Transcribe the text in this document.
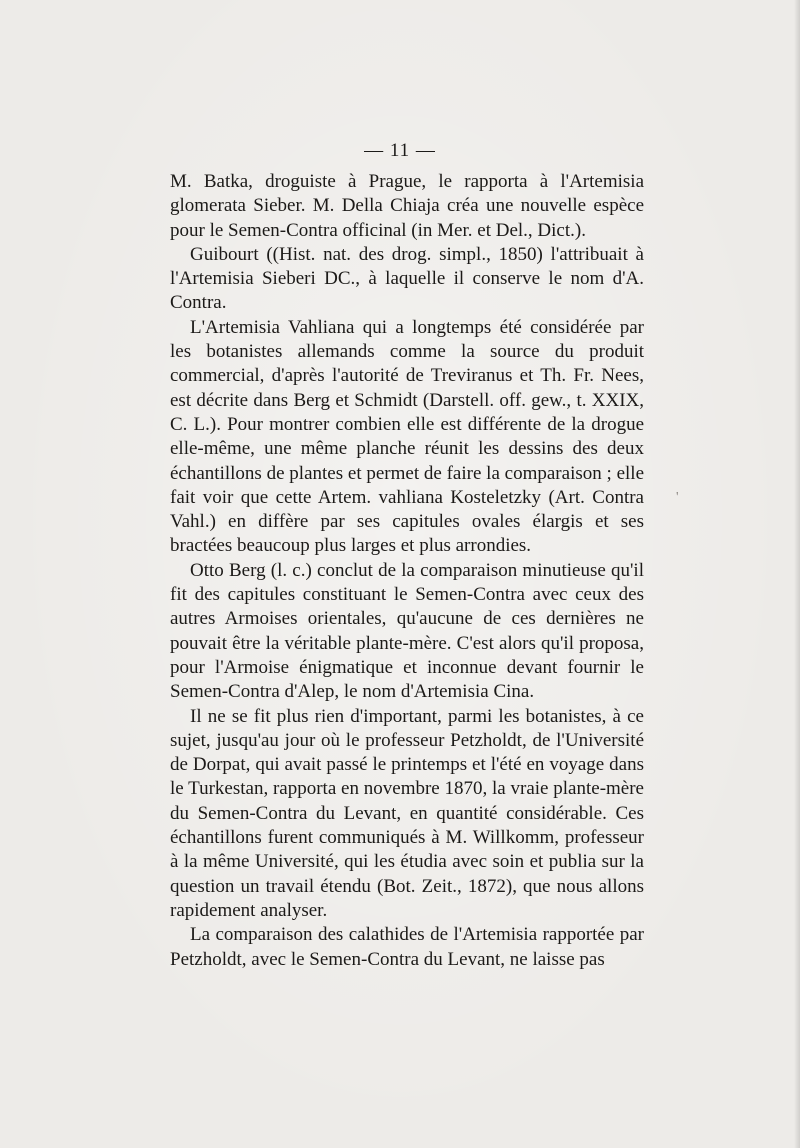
— 11 —

M. Batka, droguiste à Prague, le rapporta à l'Artemisia glomerata Sieber. M. Della Chiaja créa une nouvelle espèce pour le Semen-Contra officinal (in Mer. et Del., Dict.).

Guibourt ((Hist. nat. des drog. simpl., 1850) l'attribuait à l'Artemisia Sieberi DC., à laquelle il conserve le nom d'A. Contra.

L'Artemisia Vahliana qui a longtemps été considérée par les botanistes allemands comme la source du produit commercial, d'après l'autorité de Treviranus et Th. Fr. Nees, est décrite dans Berg et Schmidt (Darstell. off. gew., t. XXIX, C. L.). Pour montrer combien elle est différente de la drogue elle-même, une même planche réunit les dessins des deux échantillons de plantes et permet de faire la comparaison ; elle fait voir que cette Artem. vahliana Kosteletzky (Art. Contra Vahl.) en diffère par ses capitules ovales élargis et ses bractées beaucoup plus larges et plus arrondies.

Otto Berg (l. c.) conclut de la comparaison minutieuse qu'il fit des capitules constituant le Semen-Contra avec ceux des autres Armoises orientales, qu'aucune de ces dernières ne pouvait être la véritable plante-mère. C'est alors qu'il proposa, pour l'Armoise énigmatique et inconnue devant fournir le Semen-Contra d'Alep, le nom d'Artemisia Cina.

Il ne se fit plus rien d'important, parmi les botanistes, à ce sujet, jusqu'au jour où le professeur Petzholdt, de l'Université de Dorpat, qui avait passé le printemps et l'été en voyage dans le Turkestan, rapporta en novembre 1870, la vraie plante-mère du Semen-Contra du Levant, en quantité considérable. Ces échantillons furent communiqués à M. Willkomm, professeur à la même Université, qui les étudia avec soin et publia sur la question un travail étendu (Bot. Zeit., 1872), que nous allons rapidement analyser.

La comparaison des calathides de l'Artemisia rapportée par Petzholdt, avec le Semen-Contra du Levant, ne laisse pas

'
